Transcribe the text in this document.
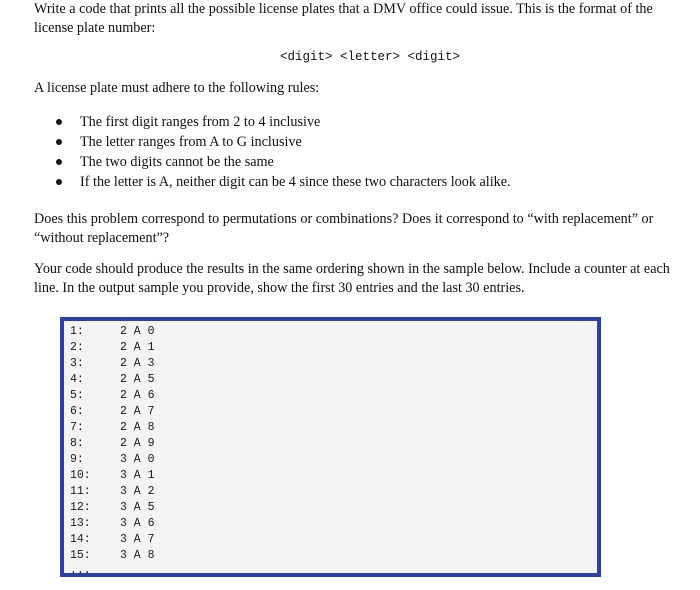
Write a code that prints all the possible license plates that a DMV office could issue. This is the format of the license plate number:

<digit> <letter> <digit>

A license plate must adhere to the following rules:

The first digit ranges from 2 to 4 inclusive
The letter ranges from A to G inclusive
The two digits cannot be the same
If the letter is A, neither digit can be 4 since these two characters look alike.

Does this problem correspond to permutations or combinations? Does it correspond to “with replacement” or “without replacement”?

Your code should produce the results in the same ordering shown in the sample below. Include a counter at each line. In the output sample you provide, show the first 30 entries and the last 30 entries.

1:	2 A 0
2:	2 A 1
3:	2 A 3
4:	2 A 5
5:	2 A 6
6:	2 A 7
7:	2 A 8
8:	2 A 9
9:	3 A 0
10:	3 A 1
11:	3 A 2
12:	3 A 5
13:	3 A 6
14:	3 A 7
15:	3 A 8
...
